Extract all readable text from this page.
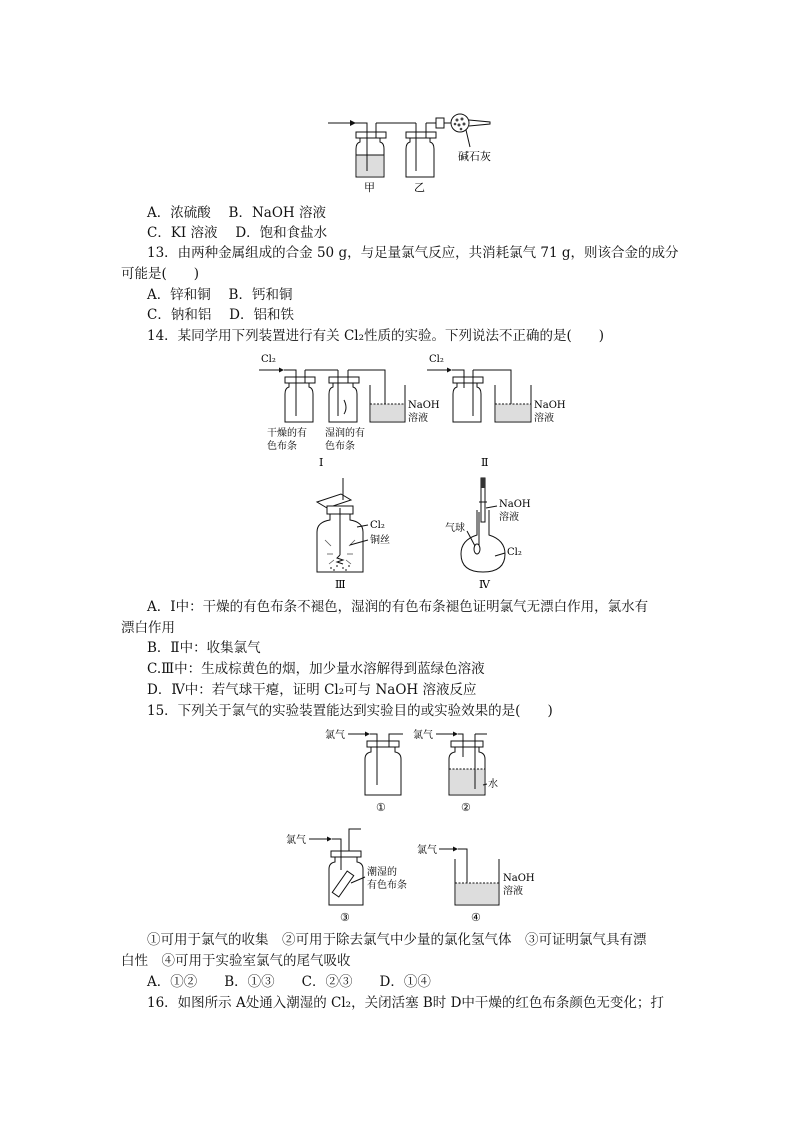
甲	乙
碱石灰
A．浓硫酸　 B．NaOH 溶液
C．KI 溶液　 D．饱和食盐水
13．由两种金属组成的合金 50 g，与足量氯气反应，共消耗氯气 71 g，则该合金的成分
可能是(　　)
A．锌和铜　 B．钙和铜
C．钠和铝　 D．铝和铁
14．某同学用下列装置进行有关 Cl₂性质的实验。下列说法不正确的是(　　)
Cl₂
NaOH
溶液
干燥的有
色布条
湿润的有
色布条
Ⅰ
Cl₂
NaOH
溶液
Ⅱ
Cl₂
铜丝
Ⅲ
NaOH
溶液
气球
Cl₂
Ⅳ
A．Ⅰ中：干燥的有色布条不褪色，湿润的有色布条褪色证明氯气无漂白作用，氯水有
漂白作用
B．Ⅱ中：收集氯气
C.Ⅲ中：生成棕黄色的烟，加少量水溶解得到蓝绿色溶液
D．Ⅳ中：若气球干瘪，证明 Cl₂可与 NaOH 溶液反应
15．下列关于氯气的实验装置能达到实验目的或实验效果的是(　　)
氯气
①
氯气
水
②
氯气
潮湿的
有色布条
③
氯气
NaOH
溶液
④
①可用于氯气的收集　②可用于除去氯气中少量的氯化氢气体　③可证明氯气具有漂
白性　④可用于实验室氯气的尾气吸收
A．①②　　B．①③　　C．②③　　D．①④
16．如图所示 A处通入潮湿的 Cl₂，关闭活塞 B时 D中干燥的红色布条颜色无变化；打
